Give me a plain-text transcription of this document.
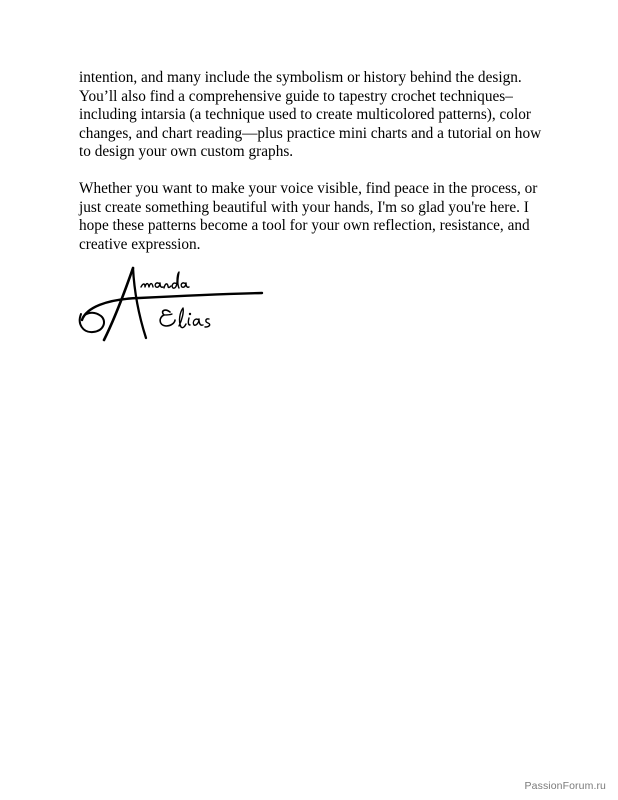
intention, and many include the symbolism or history behind the design. You’ll also find a comprehensive guide to tapestry crochet techniques–including intarsia (a technique used to create multicolored patterns), color changes, and chart reading—plus practice mini charts and a tutorial on how to design your own custom graphs.

Whether you want to make your voice visible, find peace in the process, or just create something beautiful with your hands, I'm so glad you're here. I hope these patterns become a tool for your own reflection, resistance, and creative expression.

PassionForum.ru
